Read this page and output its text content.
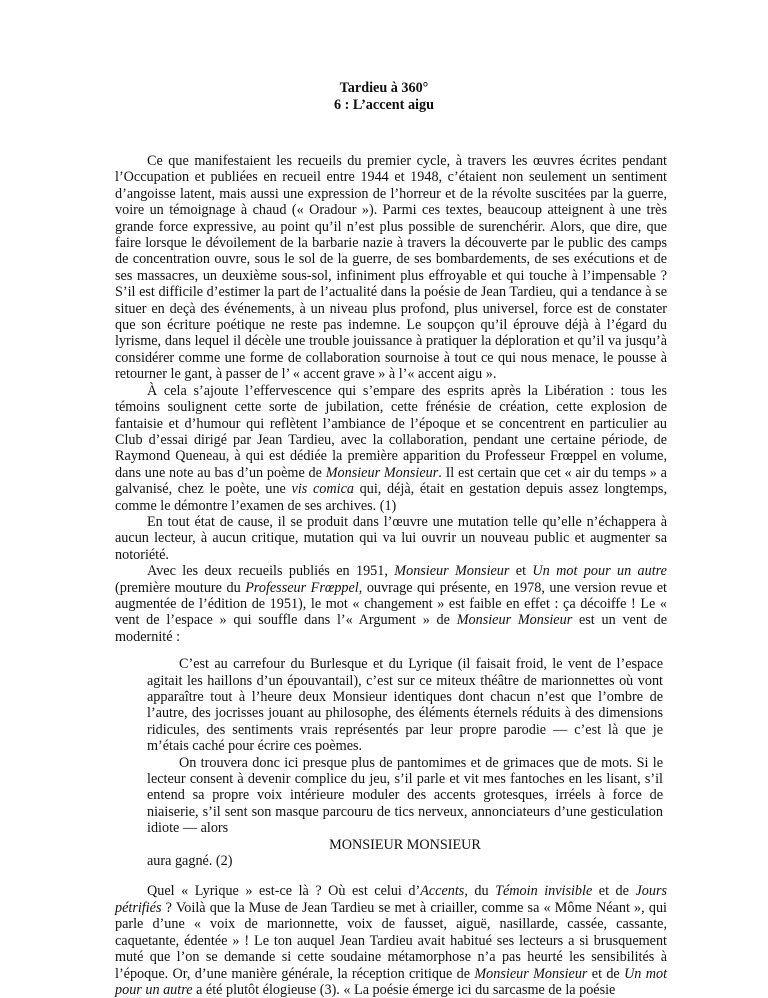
Tardieu à 360°
6 : L’accent aigu

Ce que manifestaient les recueils du premier cycle, à travers les œuvres écrites pendant l’Occupation et publiées en recueil entre 1944 et 1948, c’étaient non seulement un sentiment d’angoisse latent, mais aussi une expression de l’horreur et de la révolte suscitées par la guerre, voire un témoignage à chaud (« Oradour »). Parmi ces textes, beaucoup atteignent à une très grande force expressive, au point qu’il n’est plus possible de surenchérir. Alors, que dire, que faire lorsque le dévoilement de la barbarie nazie à travers la découverte par le public des camps de concentration ouvre, sous le sol de la guerre, de ses bombardements, de ses exécutions et de ses massacres, un deuxième sous-sol, infiniment plus effroyable et qui touche à l’impensable ? S’il est difficile d’estimer la part de l’actualité dans la poésie de Jean Tardieu, qui a tendance à se situer en deçà des événements, à un niveau plus profond, plus universel, force est de constater que son écriture poétique ne reste pas indemne. Le soupçon qu’il éprouve déjà à l’égard du lyrisme, dans lequel il décèle une trouble jouissance à pratiquer la déploration et qu’il va jusqu’à considérer comme une forme de collaboration sournoise à tout ce qui nous menace, le pousse à retourner le gant, à passer de l’ « accent grave » à l’« accent aigu ».

À cela s’ajoute l’effervescence qui s’empare des esprits après la Libération : tous les témoins soulignent cette sorte de jubilation, cette frénésie de création, cette explosion de fantaisie et d’humour qui reflètent l’ambiance de l’époque et se concentrent en particulier au Club d’essai dirigé par Jean Tardieu, avec la collaboration, pendant une certaine période, de Raymond Queneau, à qui est dédiée la première apparition du Professeur Frœppel en volume, dans une note au bas d’un poème de Monsieur Monsieur. Il est certain que cet « air du temps » a galvanisé, chez le poète, une vis comica qui, déjà, était en gestation depuis assez longtemps, comme le démontre l’examen de ses archives. (1)

En tout état de cause, il se produit dans l’œuvre une mutation telle qu’elle n’échappera à aucun lecteur, à aucun critique, mutation qui va lui ouvrir un nouveau public et augmenter sa notoriété.

Avec les deux recueils publiés en 1951, Monsieur Monsieur et Un mot pour un autre (première mouture du Professeur Frœppel, ouvrage qui présente, en 1978, une version revue et augmentée de l’édition de 1951), le mot « changement » est faible en effet : ça décoiffe ! Le « vent de l’espace » qui souffle dans l’« Argument » de Monsieur Monsieur est un vent de modernité :

C’est au carrefour du Burlesque et du Lyrique (il faisait froid, le vent de l’espace agitait les haillons d’un épouvantail), c’est sur ce miteux théâtre de marionnettes où vont apparaître tout à l’heure deux Monsieur identiques dont chacun n’est que l’ombre de l’autre, des jocrisses jouant au philosophe, des éléments éternels réduits à des dimensions ridicules, des sentiments vrais représentés par leur propre parodie — c’est là que je m’étais caché pour écrire ces poèmes.

On trouvera donc ici presque plus de pantomimes et de grimaces que de mots. Si le lecteur consent à devenir complice du jeu, s’il parle et vit mes fantoches en les lisant, s’il entend sa propre voix intérieure moduler des accents grotesques, irréels à force de niaiserie, s’il sent son masque parcouru de tics nerveux, annonciateurs d’une gesticulation idiote — alors

MONSIEUR MONSIEUR

aura gagné. (2)

Quel « Lyrique » est-ce là ? Où est celui d’Accents, du Témoin invisible et de Jours pétrifiés ? Voilà que la Muse de Jean Tardieu se met à criailler, comme sa « Môme Néant », qui parle d’une « voix de marionnette, voix de fausset, aiguë, nasillarde, cassée, cassante, caquetante, édentée » ! Le ton auquel Jean Tardieu avait habitué ses lecteurs a si brusquement muté que l’on se demande si cette soudaine métamorphose n’a pas heurté les sensibilités à l’époque. Or, d’une manière générale, la réception critique de Monsieur Monsieur et de Un mot pour un autre a été plutôt élogieuse (3). « La poésie émerge ici du sarcasme de la poésie
